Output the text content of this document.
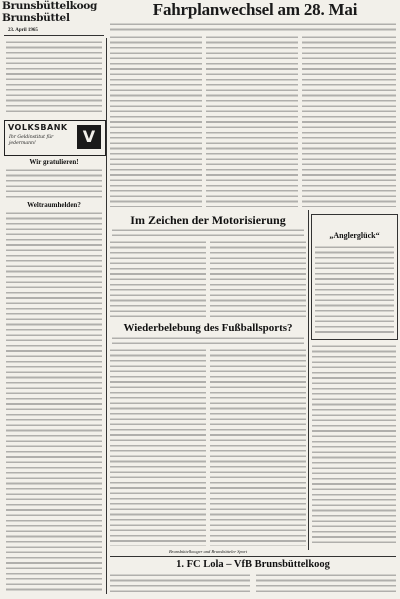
Brunsbüttelkoog
Brunsbüttel
23. April 1965
VOLKSBANK
Ihr Geldinstitut für jedermann!	V
Wir gratulieren!
Weltraumhelden?
Fahrplanwechsel am 28. Mai
Im Zeichen der Motorisierung
Wiederbelebung des Fußballsports?
„Anglerglück“
Brunsbüttelkooger und Brunsbütteler Sport
1. FC Lola – VfB Brunsbüttelkoog
